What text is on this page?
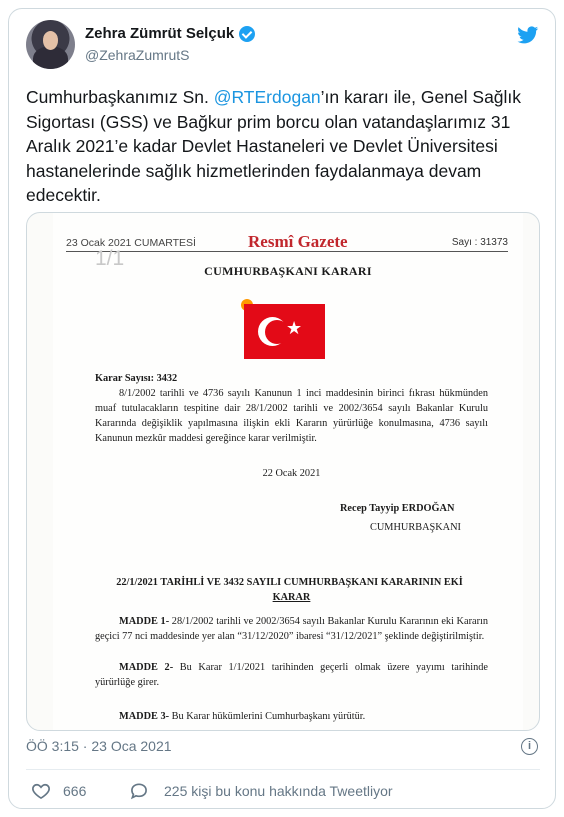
Zehra Zümrüt Selçuk
@ZehraZumrutS
Cumhurbaşkanımız Sn. @RTErdogan’ın kararı ile, Genel Sağlık Sigortası (GSS) ve Bağkur prim borcu olan vatandaşlarımız 31 Aralık 2021’e kadar Devlet Hastaneleri ve Devlet Üniversitesi hastanelerinde sağlık hizmetlerinden faydalanmaya devam edecektir.
23 Ocak 2021 CUMARTESİ	Resmî Gazete	Sayı : 31373
1/1
CUMHURBAŞKANI KARARI
★
Karar Sayısı: 3432
8/1/2002 tarihli ve 4736 sayılı Kanunun 1 inci maddesinin birinci fıkrası hükmünden muaf tutulacakların tespitine dair 28/1/2002 tarihli ve 2002/3654 sayılı Bakanlar Kurulu Kararında değişiklik yapılmasına ilişkin ekli Kararın yürürlüğe konulmasına, 4736 sayılı Kanunun mezkûr maddesi gereğince karar verilmiştir.
22 Ocak 2021
Recep Tayyip ERDOĞAN
CUMHURBAŞKANI
22/1/2021 TARİHLİ VE 3432 SAYILI CUMHURBAŞKANI KARARININ EKİ
KARAR
MADDE 1- 28/1/2002 tarihli ve 2002/3654 sayılı Bakanlar Kurulu Kararının eki Kararın geçici 77 nci maddesinde yer alan “31/12/2020” ibaresi “31/12/2021” şeklinde değiştirilmiştir.
MADDE 2- Bu Karar 1/1/2021 tarihinden geçerli olmak üzere yayımı tarihinde yürürlüğe girer.
MADDE 3- Bu Karar hükümlerini Cumhurbaşkanı yürütür.
ÖÖ 3:15 · 23 Oca 2021	i
666	225 kişi bu konu hakkında Tweetliyor
